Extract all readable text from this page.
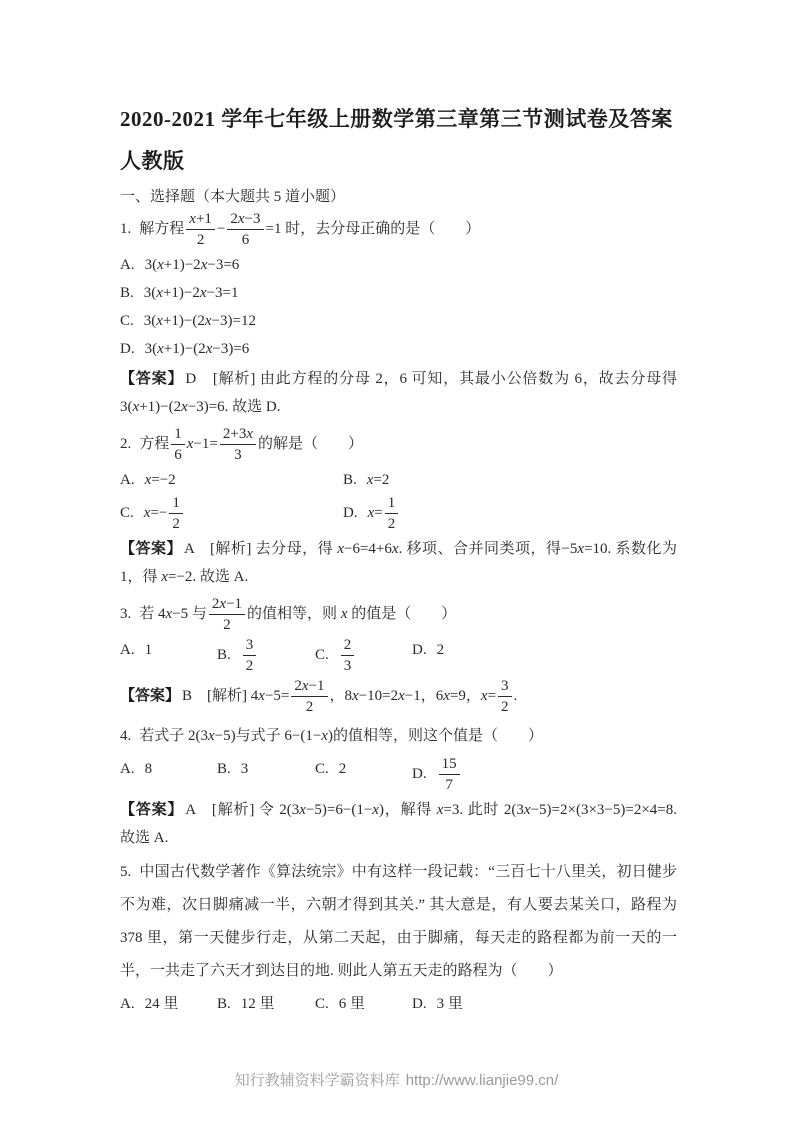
2020-2021 学年七年级上册数学第三章第三节测试卷及答案人教版
一、选择题（本大题共 5 道小题）
1. 解方程 $\frac{x+1}{2} - \frac{2x-3}{6} =1$ 时，去分母正确的是（　　）
A. 3(x+1)−2x−3=6
B. 3(x+1)−2x−3=1
C. 3(x+1)−(2x−3)=12
D. 3(x+1)−(2x−3)=6
【答案】 D　[解析] 由此方程的分母 2，6 可知，其最小公倍数为 6，故去分母得 3(x+1)−(2x−3)=6. 故选 D.
2. 方程 $\frac{1}{6} x-1= \frac{2+3x}{3}$ 的解是（　　）
A. x=−2	B. x=2
C. $x=- \frac{1}{2}$	D. $x= \frac{1}{2}$
【答案】 A　[解析] 去分母，得 x−6=4+6x. 移项、合并同类项，得−5x=10. 系数化为 1，得 x=−2. 故选 A.
3. 若 4x−5 与 $\frac{2x-1}{2}$ 的值相等，则 x 的值是（　　）
A. 1	B. $\frac{3}{2}$	C. $\frac{2}{3}$	D. 2
【答案】 B　[解析] $4x-5= \frac{2x-1}{2}$ ，8x−10=2x−1，6x=9，$x= \frac{3}{2}$ .
4. 若式子 2(3x−5)与式子 6−(1−x)的值相等，则这个值是（　　）
A. 8	B. 3	C. 2	D. $\frac{15}{7}$
【答案】 A　[解析] 令 2(3x−5)=6−(1−x)，解得 x=3. 此时 2(3x−5)=2×(3×3−5)=2×4=8. 故选 A.
5. 中国古代数学著作《算法统宗》中有这样一段记载：“三百七十八里关，初日健步不为难，次日脚痛减一半，六朝才得到其关.” 其大意是，有人要去某关口，路程为 378 里，第一天健步行走，从第二天起，由于脚痛，每天走的路程都为前一天的一半，一共走了六天才到达目的地. 则此人第五天走的路程为（　　）
A. 24 里	B. 12 里	C. 6 里	D. 3 里
知行教辅资料学霸资料库 http://www.lianjie99.cn/
